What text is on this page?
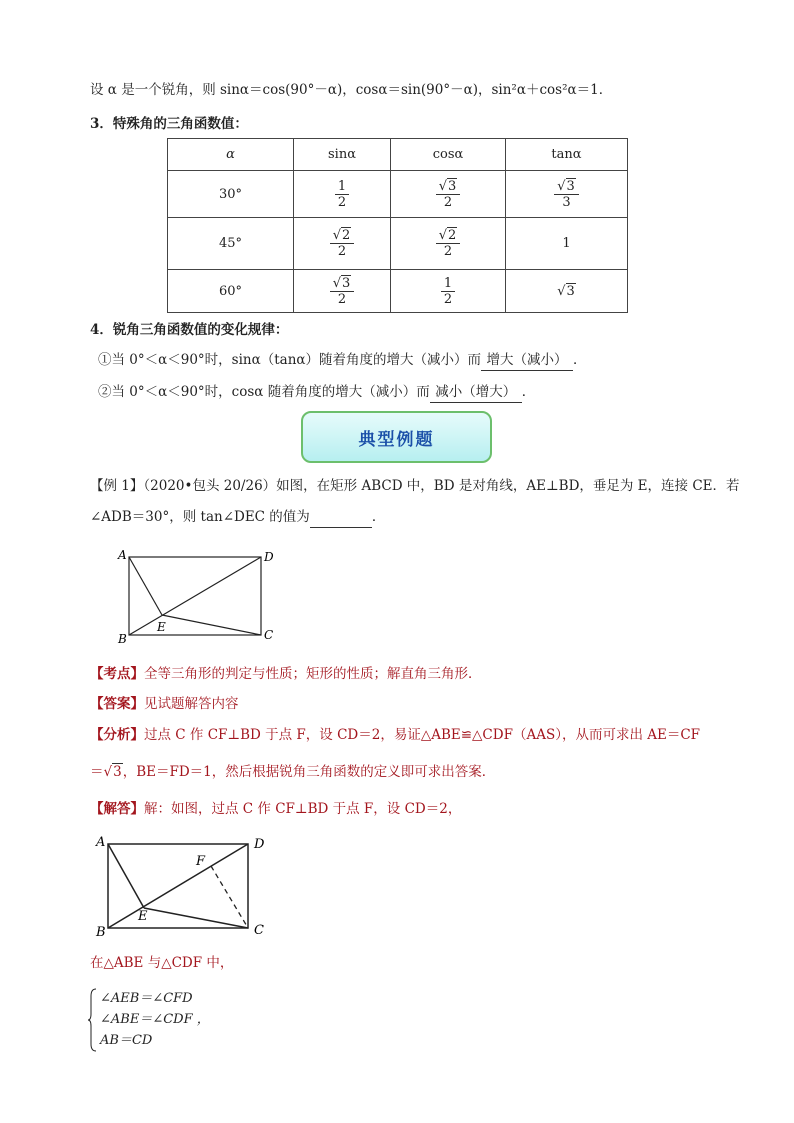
设 α 是一个锐角，则 sinα＝cos(90°－α)，cosα＝sin(90°－α)，sin²α＋cos²α＝1．
3．特殊角的三角函数值：
α	sinα	cosα	tanα
30°	$\frac{1}{2}$	$\frac{√3}{2}$	$\frac{√3}{3}$

45°	$\frac{√2}{2}$	$\frac{√2}{2}$	1
60°	$\frac{√3}{2}$	$\frac{1}{2}$	√3
4．锐角三角函数值的变化规律：
①当 0°＜α＜90°时，sinα（tanα）随着角度的增大（减小）而 增大（减小） ．
②当 0°＜α＜90°时，cosα 随着角度的增大（减小）而 减小（增大） ．
典型例题
【例 1】（2020•包头 20/26）如图，在矩形 ABCD 中，BD 是对角线，AE⊥BD，垂足为 E，连接 CE．若
∠ADB＝30°，则 tan∠DEC 的值为	．
A
B	C
D
E
【考点】全等三角形的判定与性质；矩形的性质；解直角三角形．
【答案】见试题解答内容
【分析】过点 C 作 CF⊥BD 于点 F，设 CD＝2，易证△ABE≌△CDF（AAS），从而可求出 AE＝CF
＝√3，BE＝FD＝1，然后根据锐角三角函数的定义即可求出答案．
【解答】解：如图，过点 C 作 CF⊥BD 于点 F，设 CD＝2，
A
B	C
D
E
F
在△ABE 与△CDF 中，
∠AEB＝∠CFD
∠ABE＝∠CDF ，
AB＝CD
